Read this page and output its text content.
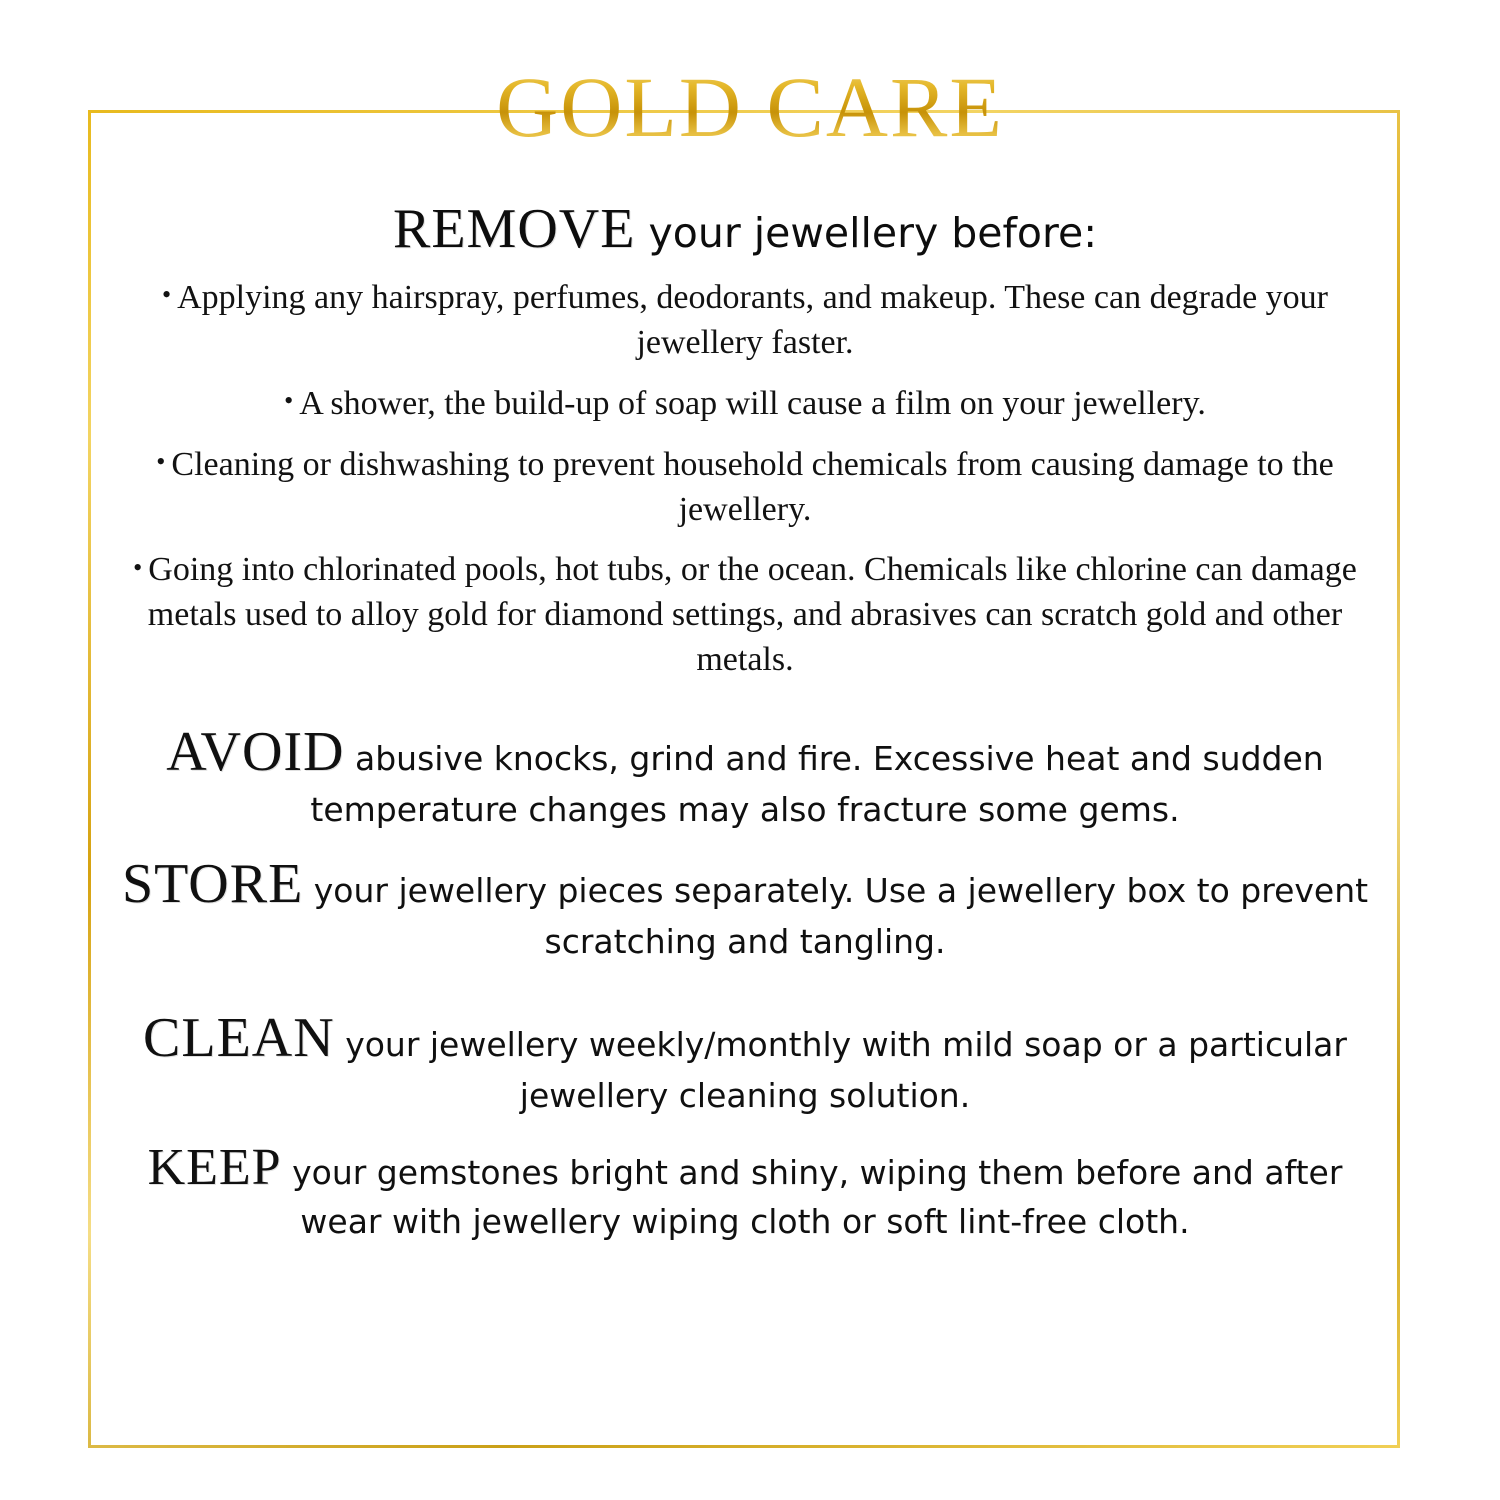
GOLD CARE
REMOVE your jewellery before:
• Applying any hairspray, perfumes, deodorants, and makeup. These can degrade your jewellery faster.
• A shower, the build-up of soap will cause a film on your jewellery.
• Cleaning or dishwashing to prevent household chemicals from causing damage to the jewellery.
• Going into chlorinated pools, hot tubs, or the ocean. Chemicals like chlorine can damage metals used to alloy gold for diamond settings, and abrasives can scratch gold and other metals.
AVOID abusive knocks, grind and fire. Excessive heat and sudden temperature changes may also fracture some gems.
STORE your jewellery pieces separately. Use a jewellery box to prevent scratching and tangling.
CLEAN your jewellery weekly/monthly with mild soap or a particular jewellery cleaning solution.
KEEP your gemstones bright and shiny, wiping them before and after wear with jewellery wiping cloth or soft lint-free cloth.
